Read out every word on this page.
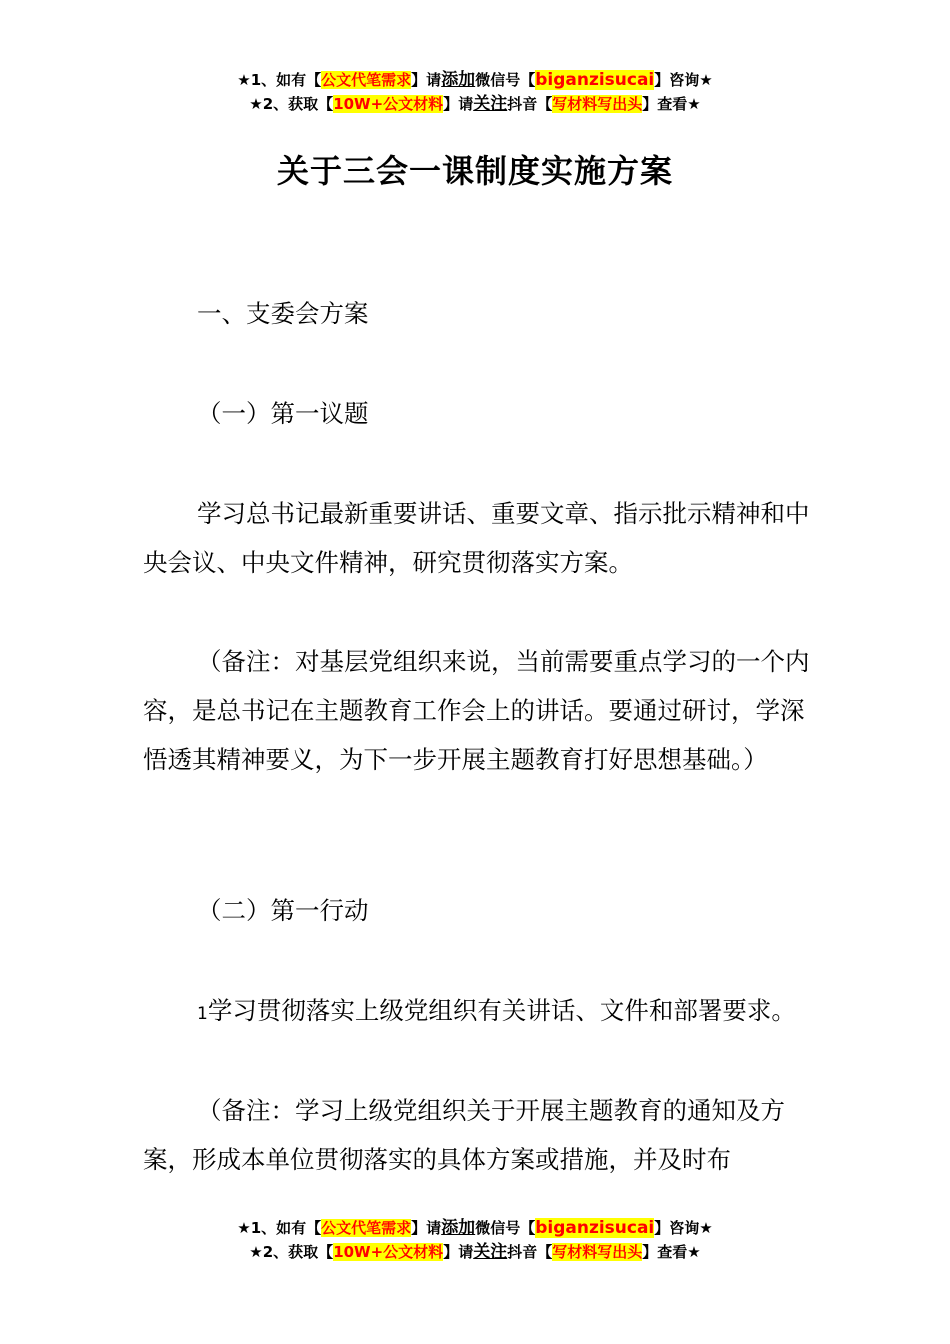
★1、如有【公文代笔需求】请添加微信号【biganzisucai】咨询★
★2、获取【10W+公文材料】请关注抖音【写材料写出头】查看★
关于三会一课制度实施方案
一、支委会方案
（一）第一议题
学习总书记最新重要讲话、重要文章、指示批示精神和中央会议、中央文件精神，研究贯彻落实方案。
（备注：对基层党组织来说，当前需要重点学习的一个内容，是总书记在主题教育工作会上的讲话。要通过研讨，学深悟透其精神要义，为下一步开展主题教育打好思想基础。）
（二）第一行动
1学习贯彻落实上级党组织有关讲话、文件和部署要求。
（备注：学习上级党组织关于开展主题教育的通知及方案，形成本单位贯彻落实的具体方案或措施，并及时布
★1、如有【公文代笔需求】请添加微信号【biganzisucai】咨询★
★2、获取【10W+公文材料】请关注抖音【写材料写出头】查看★
